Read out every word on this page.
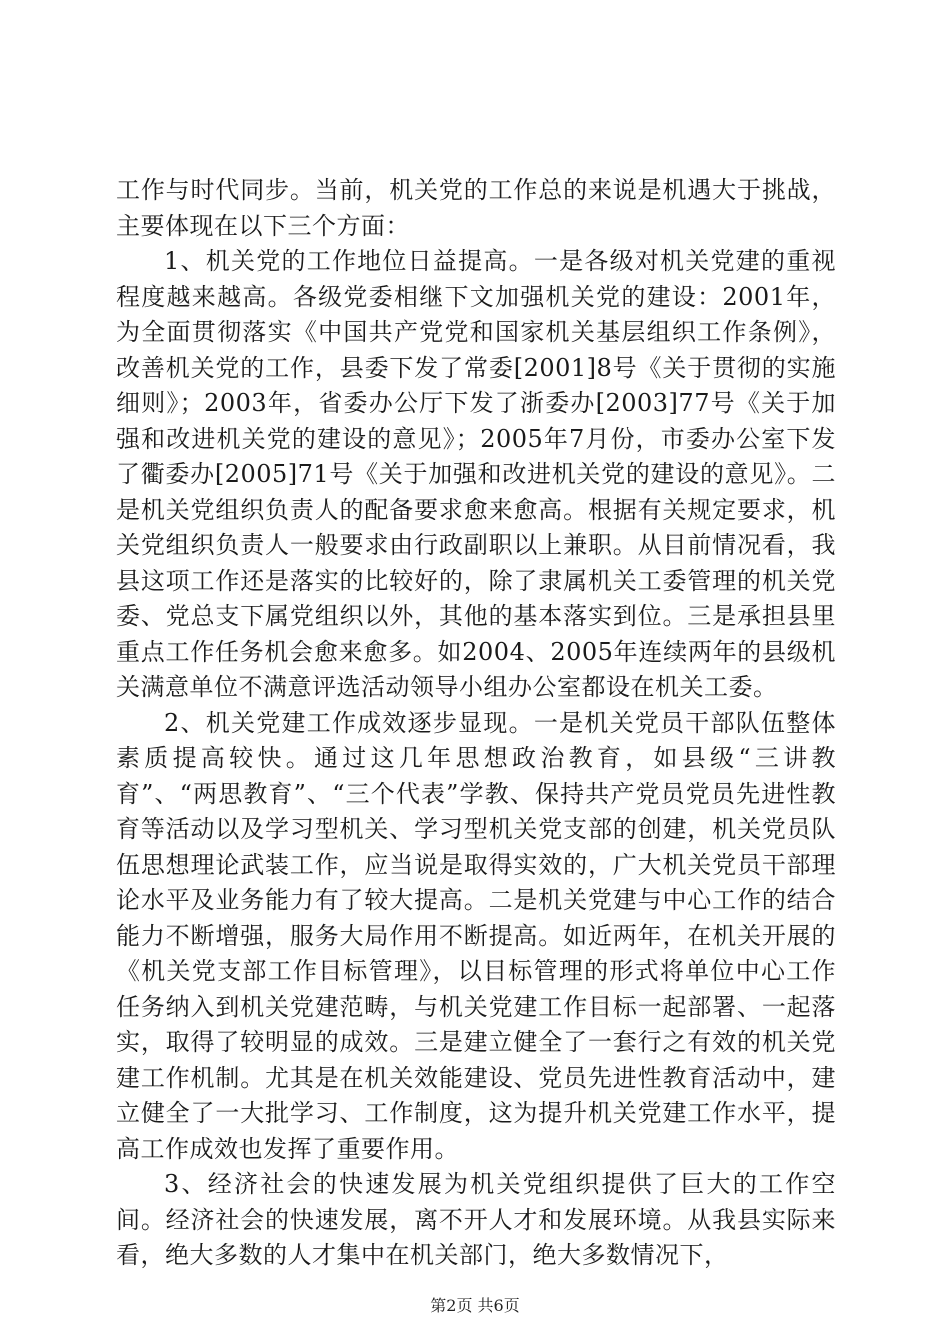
工作与时代同步。当前，机关党的工作总的来说是机遇大于挑战，主要体现在以下三个方面：

1、机关党的工作地位日益提高。一是各级对机关党建的重视程度越来越高。各级党委相继下文加强机关党的建设：2001年，为全面贯彻落实《中国共产党党和国家机关基层组织工作条例》，改善机关党的工作，县委下发了常委[2001]8号《关于贯彻的实施细则》；2003年，省委办公厅下发了浙委办[2003]77号《关于加强和改进机关党的建设的意见》；2005年7月份，市委办公室下发了衢委办[2005]71号《关于加强和改进机关党的建设的意见》。二是机关党组织负责人的配备要求愈来愈高。根据有关规定要求，机关党组织负责人一般要求由行政副职以上兼职。从目前情况看，我县这项工作还是落实的比较好的，除了隶属机关工委管理的机关党委、党总支下属党组织以外，其他的基本落实到位。三是承担县里重点工作任务机会愈来愈多。如2004、2005年连续两年的县级机关满意单位不满意评选活动领导小组办公室都设在机关工委。

2、机关党建工作成效逐步显现。一是机关党员干部队伍整体素质提高较快。通过这几年思想政治教育，如县级“三讲教育”、“两思教育”、“三个代表”学教、保持共产党员党员先进性教育等活动以及学习型机关、学习型机关党支部的创建，机关党员队伍思想理论武装工作，应当说是取得实效的，广大机关党员干部理论水平及业务能力有了较大提高。二是机关党建与中心工作的结合能力不断增强，服务大局作用不断提高。如近两年，在机关开展的《机关党支部工作目标管理》，以目标管理的形式将单位中心工作任务纳入到机关党建范畴，与机关党建工作目标一起部署、一起落实，取得了较明显的成效。三是建立健全了一套行之有效的机关党建工作机制。尤其是在机关效能建设、党员先进性教育活动中，建立健全了一大批学习、工作制度，这为提升机关党建工作水平，提高工作成效也发挥了重要作用。

3、经济社会的快速发展为机关党组织提供了巨大的工作空间。经济社会的快速发展，离不开人才和发展环境。从我县实际来看，绝大多数的人才集中在机关部门，绝大多数情况下，

第2页 共6页
